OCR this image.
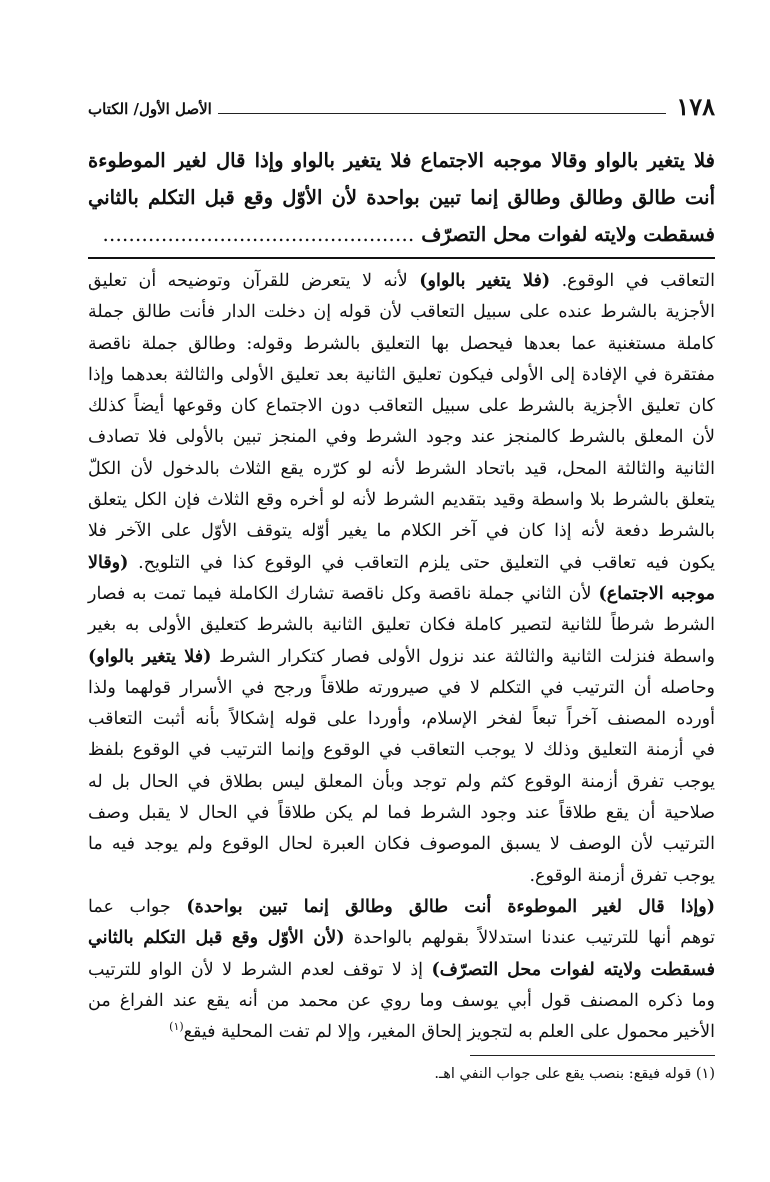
١٧٨
الأصل الأول/ الكتاب
فلا يتغير بالواو وقالا موجبه الاجتماع فلا يتغير بالواو وإذا قال لغير الموطوءة
أنت طالق وطالق وطالق إنما تبين بواحدة لأن الأوّل وقع قبل التكلم بالثاني
فسقطت ولايته لفوات محل التصرّف …………………………………………
التعاقب في الوقوع. (فلا يتغير بالواو) لأنه لا يتعرض للقرآن وتوضيحه أن تعليق
الأجزية بالشرط عنده على سبيل التعاقب لأن قوله إن دخلت الدار فأنت طالق جملة
كاملة مستغنية عما بعدها فيحصل بها التعليق بالشرط وقوله: وطالق جملة ناقصة
مفتقرة في الإفادة إلى الأولى فيكون تعليق الثانية بعد تعليق الأولى والثالثة بعدهما وإذا
كان تعليق الأجزية بالشرط على سبيل التعاقب دون الاجتماع كان وقوعها أيضاً كذلك
لأن المعلق بالشرط كالمنجز عند وجود الشرط وفي المنجز تبين بالأولى فلا تصادف
الثانية والثالثة المحل، قيد باتحاد الشرط لأنه لو كرّره يقع الثلاث بالدخول لأن الكلّ
يتعلق بالشرط بلا واسطة وقيد بتقديم الشرط لأنه لو أخره وقع الثلاث فإن الكل يتعلق
بالشرط دفعة لأنه إذا كان في آخر الكلام ما يغير أوّله يتوقف الأوّل على الآخر فلا
يكون فيه تعاقب في التعليق حتى يلزم التعاقب في الوقوع كذا في التلويح. (وقالا
موجبه الاجتماع) لأن الثاني جملة ناقصة وكل ناقصة تشارك الكاملة فيما تمت به فصار
الشرط شرطاً للثانية لتصير كاملة فكان تعليق الثانية بالشرط كتعليق الأولى به بغير
واسطة فنزلت الثانية والثالثة عند نزول الأولى فصار كتكرار الشرط (فلا يتغير بالواو)
وحاصله أن الترتيب في التكلم لا في صيرورته طلاقاً ورجح في الأسرار قولهما ولذا
أورده المصنف آخراً تبعاً لفخر الإسلام، وأوردا على قوله إشكالاً بأنه أثبت التعاقب
في أزمنة التعليق وذلك لا يوجب التعاقب في الوقوع وإنما الترتيب في الوقوع بلفظ
يوجب تفرق أزمنة الوقوع كثم ولم توجد وبأن المعلق ليس بطلاق في الحال بل له
صلاحية أن يقع طلاقاً عند وجود الشرط فما لم يكن طلاقاً في الحال لا يقبل وصف
الترتيب لأن الوصف لا يسبق الموصوف فكان العبرة لحال الوقوع ولم يوجد فيه ما
يوجب تفرق أزمنة الوقوع.
(وإذا قال لغير الموطوءة أنت طالق وطالق إنما تبين بواحدة) جواب عما
توهم أنها للترتيب عندنا استدلالاً بقولهم بالواحدة (لأن الأوّل وقع قبل التكلم بالثاني
فسقطت ولايته لفوات محل التصرّف) إذ لا توقف لعدم الشرط لا لأن الواو للترتيب
وما ذكره المصنف قول أبي يوسف وما روي عن محمد من أنه يقع عند الفراغ من
الأخير محمول على العلم به لتجويز إلحاق المغير، وإلا لم تفت المحلية فيقع$^{(١)}$
(١) قوله فيقع: بنصب يقع على جواب النفي اهـ.
